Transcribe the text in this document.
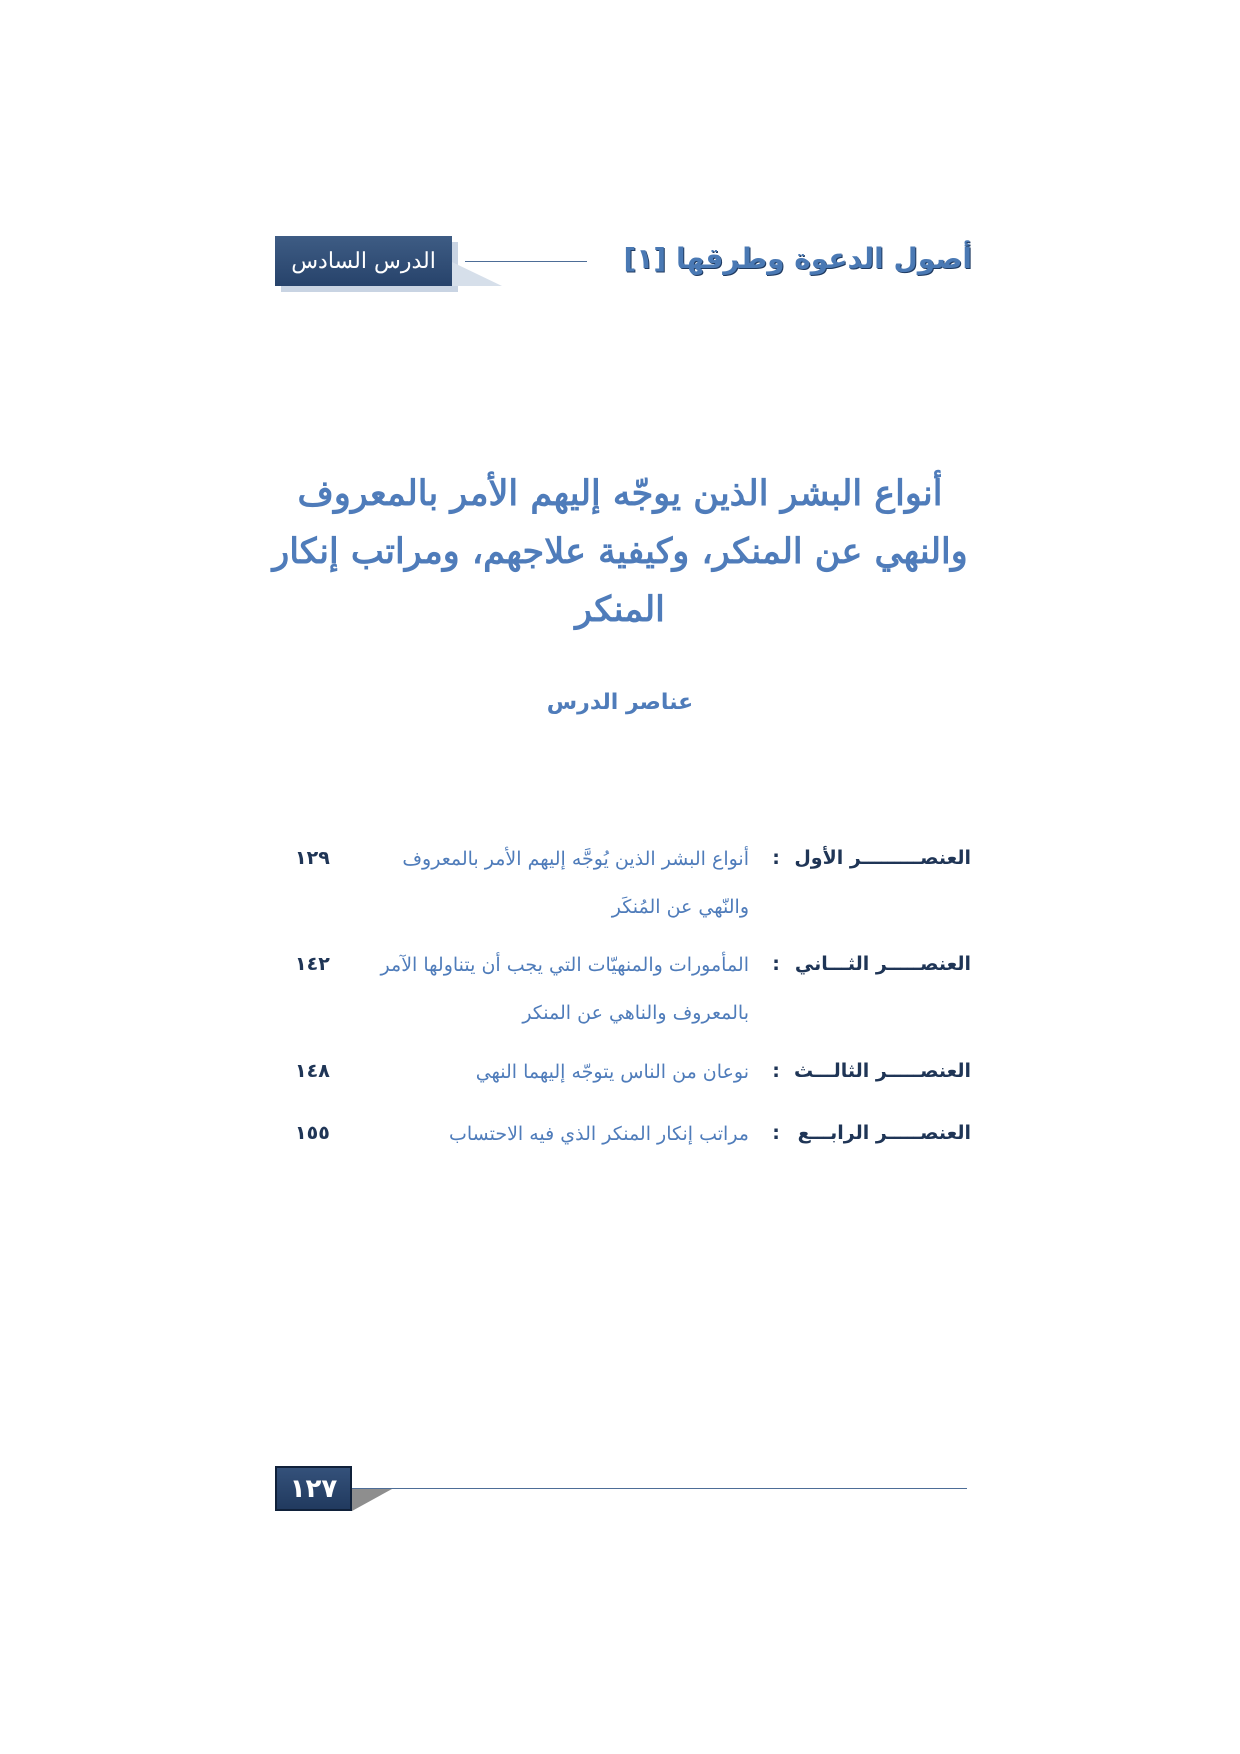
الدرس السادس	أصول الدعوة وطرقها [١]
أنواع البشر الذين يوجّه إليهم الأمر بالمعروف والنهي عن المنكر، وكيفية علاجهم، ومراتب إنكار المنكر
عناصر الدرس
العنصـــــــــر الأول
:
أنواع البشر الذين يُوجَّه إليهم الأمر بالمعروف والنّهي عن المُنكَر
١٢٩
العنصـــــر الثـــاني
:
المأمورات والمنهيّات التي يجب أن يتناولها الآمر بالمعروف والناهي عن المنكر
١٤٢
العنصـــــر الثالـــث
:
نوعان من الناس يتوجّه إليهما النهي
١٤٨
العنصـــــر الرابـــع
:
مراتب إنكار المنكر الذي فيه الاحتساب
١٥٥
١٢٧
